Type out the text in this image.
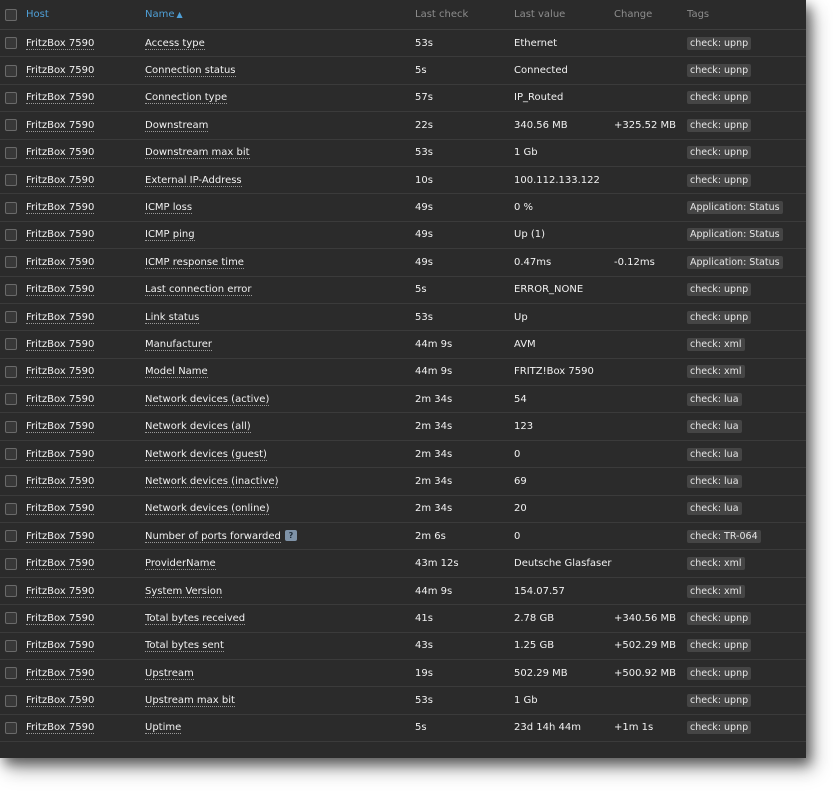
	Host	Name ▲	Last check	Last value	Change	Tags
	FritzBox 7590	Access type	53s	Ethernet		check: upnp
	FritzBox 7590	Connection status	5s	Connected		check: upnp
	FritzBox 7590	Connection type	57s	IP_Routed		check: upnp
	FritzBox 7590	Downstream	22s	340.56 MB	+325.52 MB	check: upnp
	FritzBox 7590	Downstream max bit	53s	1 Gb		check: upnp
	FritzBox 7590	External IP-Address	10s	100.112.133.122		check: upnp
	FritzBox 7590	ICMP loss	49s	0 %		Application: Status
	FritzBox 7590	ICMP ping	49s	Up (1)		Application: Status
	FritzBox 7590	ICMP response time	49s	0.47ms	-0.12ms	Application: Status
	FritzBox 7590	Last connection error	5s	ERROR_NONE		check: upnp
	FritzBox 7590	Link status	53s	Up		check: upnp
	FritzBox 7590	Manufacturer	44m 9s	AVM		check: xml
	FritzBox 7590	Model Name	44m 9s	FRITZ!Box 7590		check: xml
	FritzBox 7590	Network devices (active)	2m 34s	54		check: lua
	FritzBox 7590	Network devices (all)	2m 34s	123		check: lua
	FritzBox 7590	Network devices (guest)	2m 34s	0		check: lua
	FritzBox 7590	Network devices (inactive)	2m 34s	69		check: lua
	FritzBox 7590	Network devices (online)	2m 34s	20		check: lua
	FritzBox 7590	Number of ports forwarded ?	2m 6s	0		check: TR-064
	FritzBox 7590	ProviderName	43m 12s	Deutsche Glasfaser		check: xml
	FritzBox 7590	System Version	44m 9s	154.07.57		check: xml
	FritzBox 7590	Total bytes received	41s	2.78 GB	+340.56 MB	check: upnp
	FritzBox 7590	Total bytes sent	43s	1.25 GB	+502.29 MB	check: upnp
	FritzBox 7590	Upstream	19s	502.29 MB	+500.92 MB	check: upnp
	FritzBox 7590	Upstream max bit	53s	1 Gb		check: upnp
	FritzBox 7590	Uptime	5s	23d 14h 44m	+1m 1s	check: upnp
